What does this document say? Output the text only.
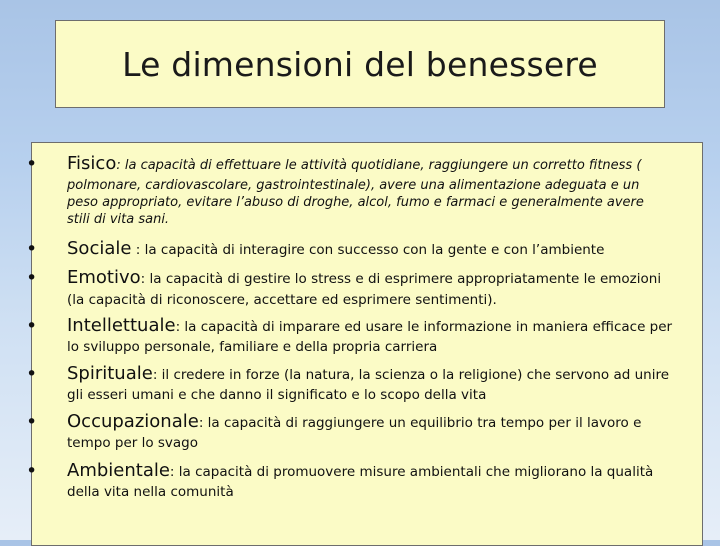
Le dimensioni del benessere
• Fisico: la capacità di effettuare le attività quotidiane, raggiungere un corretto fitness (
polmonare, cardiovascolare, gastrointestinale), avere una alimentazione adeguata e un
peso appropriato, evitare l’abuso di droghe, alcol, fumo e farmaci e generalmente avere
stili di vita sani.
• Sociale : la capacità di interagire con successo con la gente e con l’ambiente
• Emotivo: la capacità di gestire lo stress e di esprimere appropriatamente le emozioni
(la capacità di riconoscere, accettare ed esprimere sentimenti).
• Intellettuale: la capacità di imparare ed usare le informazione in maniera efficace per
lo sviluppo personale, familiare e della propria carriera
• Spirituale: il credere in forze (la natura, la scienza o la religione) che servono ad unire
gli esseri umani e che danno il significato e lo scopo della vita
• Occupazionale: la capacità di raggiungere un equilibrio tra tempo per il lavoro e
tempo per lo svago
• Ambientale: la capacità di promuovere misure ambientali che migliorano la qualità
della vita nella comunità
